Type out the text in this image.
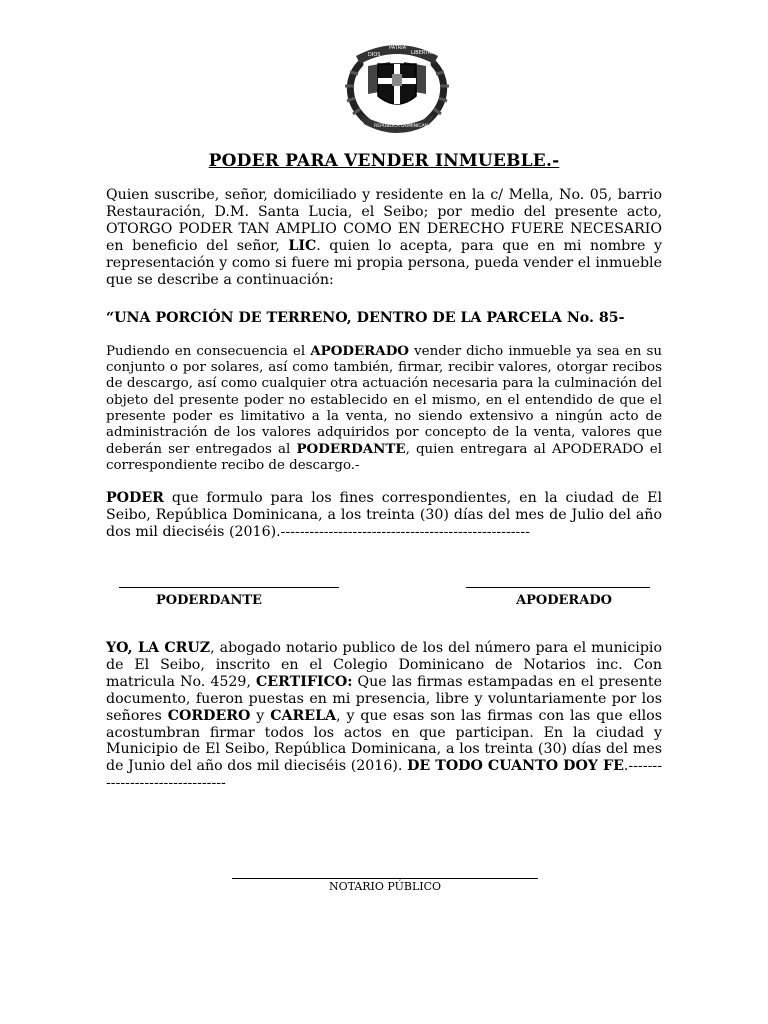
DIOS
PATRIA
LIBERTAD
REPÚBLICA DOMINICANA
PODER PARA VENDER INMUEBLE.-

Quien suscribe, señor, domiciliado y residente en la c/ Mella, No. 05, barrio Restauración, D.M. Santa Lucia, el Seibo; por medio del presente acto, OTORGO PODER TAN AMPLIO COMO EN DERECHO FUERE NECESARIO en beneficio del señor, LIC. quien lo acepta, para que en mi nombre y representación y como si fuere mi propia persona, pueda vender el inmueble que se describe a continuación:

“UNA PORCIÓN DE TERRENO, DENTRO DE LA PARCELA No. 85-

Pudiendo en consecuencia el APODERADO vender dicho inmueble ya sea en su conjunto o por solares, así como también, firmar, recibir valores, otorgar recibos de descargo, así como cualquier otra actuación necesaria para la culminación del objeto del presente poder no establecido en el mismo, en el entendido de que el presente poder es limitativo a la venta, no siendo extensivo a ningún acto de administración de los valores adquiridos por concepto de la venta, valores que deberán ser entregados al PODERDANTE, quien entregara al APODERADO el correspondiente recibo de descargo.-

PODER que formulo para los fines correspondientes, en la ciudad de El Seibo, República Dominicana, a los treinta (30) días del mes de Julio del año dos mil dieciséis (2016).----------------------------------------------------

PODERDANTE	APODERADO

YO, LA CRUZ, abogado notario publico de los del número para el municipio de El Seibo, inscrito en el Colegio Dominicano de Notarios inc. Con matricula No. 4529, CERTIFICO: Que las firmas estampadas en el presente documento, fueron puestas en mi presencia, libre y voluntariamente por los señores CORDERO y CARELA, y que esas son las firmas con las que ellos acostumbran firmar todos los actos en que participan. En la ciudad y Municipio de El Seibo, República Dominicana, a los treinta (30) días del mes de Junio del año dos mil dieciséis (2016). DE TODO CUANTO DOY FE.--------------------------------

NOTARIO PÚBLICO
